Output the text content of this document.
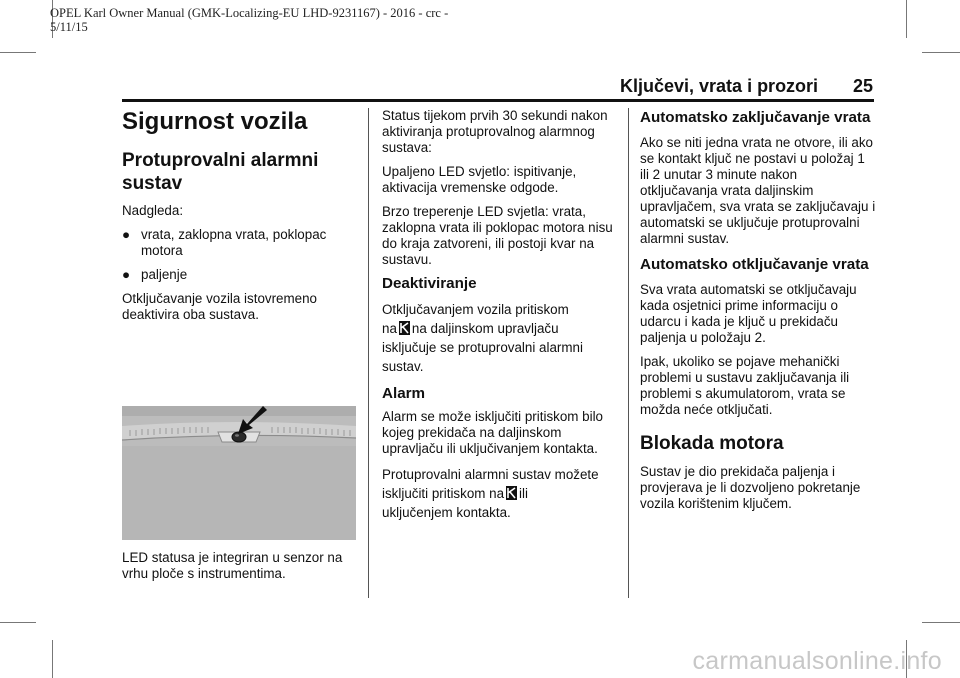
OPEL Karl Owner Manual (GMK-Localizing-EU LHD-9231167) - 2016 - crc -
5/11/15
Ključevi, vrata i prozori 25
Sigurnost vozila
Protuprovalni alarmni sustav

Nadgleda:

● vrata, zaklopna vrata, poklopac motora
● paljenje

Otključavanje vozila istovremeno deaktivira oba sustava.

LED statusa je integriran u senzor na vrhu ploče s instrumentima.

Status tijekom prvih 30 sekundi nakon aktiviranja protuprovalnog alarmnog sustava:

Upaljeno LED svjetlo: ispitivanje, aktivacija vremenske odgode.

Brzo treperenje LED svjetla: vrata, zaklopna vrata ili poklopac motora nisu do kraja zatvoreni, ili postoji kvar na sustavu.

Deaktiviranje

Otključavanjem vozila pritiskom
na na daljinskom upravljaču
isključuje se protuprovalni alarmni sustav.

Alarm

Alarm se može isključiti pritiskom bilo kojeg prekidača na daljinskom upravljaču ili uključivanjem kontakta.

Protuprovalni alarmni sustav možete
isključiti pritiskom na ili
uključenjem kontakta.

Automatsko zaključavanje vrata

Ako se niti jedna vrata ne otvore, ili ako se kontakt ključ ne postavi u položaj 1 ili 2 unutar 3 minute nakon otključavanja vrata daljinskim upravljačem, sva vrata se zaključavaju i automatski se uključuje protuprovalni alarmni sustav.

Automatsko otključavanje vrata

Sva vrata automatski se otključavaju kada osjetnici prime informaciju o udarcu i kada je ključ u prekidaču paljenja u položaju 2.

Ipak, ukoliko se pojave mehanički problemi u sustavu zaključavanja ili problemi s akumulatorom, vrata se možda neće otključati.

Blokada motora

Sustav je dio prekidača paljenja i provjerava je li dozvoljeno pokretanje vozila korištenim ključem.

carmanualsonline.info
